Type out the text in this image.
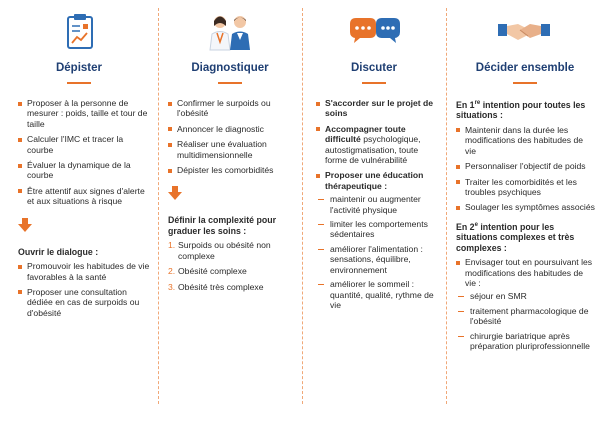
Dépister
Proposer à la personne de mesurer : poids, taille et tour de taille
Calculer l'IMC et tracer la courbe
Évaluer la dynamique de la courbe
Être attentif aux signes d'alerte et aux situations à risque
Ouvrir le dialogue :
Promouvoir les habitudes de vie favorables à la santé
Proposer une consultation dédiée en cas de surpoids ou d'obésité
Diagnostiquer
Confirmer le surpoids ou l'obésité
Annoncer le diagnostic
Réaliser une évaluation multidimensionnelle
Dépister les comorbidités
Définir la complexité pour graduer les soins :
1. Surpoids ou obésité non complexe
2. Obésité complexe
3. Obésité très complexe
Discuter
S'accorder sur le projet de soins
Accompagner toute difficulté psychologique, autostigmatisation, toute forme de vulnérabilité
Proposer une éducation thérapeutique :
maintenir ou augmenter l'activité physique
limiter les comportements sédentaires
améliorer l'alimentation : sensations, équilibre, environnement
améliorer le sommeil : quantité, qualité, rythme de vie
Décider ensemble
En 1re intention pour toutes les situations :
Maintenir dans la durée les modifications des habitudes de vie
Personnaliser l'objectif de poids
Traiter les comorbidités et les troubles psychiques
Soulager les symptômes associés
En 2e intention pour les situations complexes et très complexes :
Envisager tout en poursuivant les modifications des habitudes de vie :
séjour en SMR
traitement pharmacologique de l'obésité
chirurgie bariatrique après préparation pluriprofessionnelle
